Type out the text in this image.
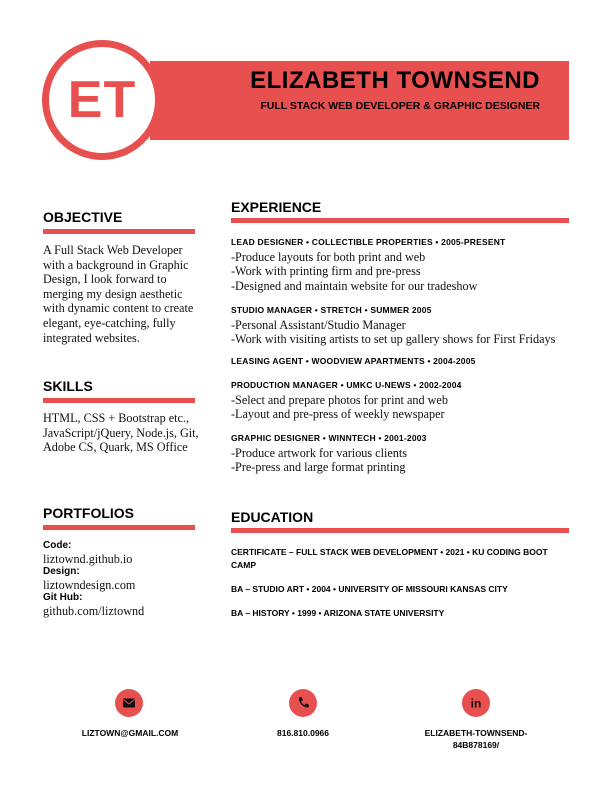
ET	ELIZABETH TOWNSEND
FULL STACK WEB DEVELOPER & GRAPHIC DESIGNER
OBJECTIVE
A Full Stack Web Developer with a background in Graphic Design, I look forward to merging my design aesthetic with dynamic content to create elegant, eye-catching, fully integrated websites.
SKILLS
HTML, CSS + Bootstrap etc., JavaScript/jQuery, Node.js, Git, Adobe CS, Quark, MS Office
PORTFOLIOS
Code:
liztownd.github.io
Design:
liztowndesign.com
Git Hub:
github.com/liztownd
EXPERIENCE
LEAD DESIGNER • COLLECTIBLE PROPERTIES • 2005-PRESENT
-Produce layouts for both print and web
-Work with printing firm and pre-press
-Designed and maintain website for our tradeshow
STUDIO MANAGER • STRETCH • SUMMER 2005
-Personal Assistant/Studio Manager
-Work with visiting artists to set up gallery shows for First Fridays
LEASING AGENT • WOODVIEW APARTMENTS • 2004-2005
PRODUCTION MANAGER • UMKC U-NEWS • 2002-2004
-Select and prepare photos for print and web
-Layout and pre-press of weekly newspaper
GRAPHIC DESIGNER • WINNTECH • 2001-2003
-Produce artwork for various clients
-Pre-press and large format printing
EDUCATION
CERTIFICATE – FULL STACK WEB DEVELOPMENT • 2021 • KU CODING BOOT CAMP
BA – STUDIO ART • 2004 • UNIVERSITY OF MISSOURI KANSAS CITY
BA – HISTORY • 1999 • ARIZONA STATE UNIVERSITY
LIZTOWN@GMAIL.COM	816.810.0966
in
ELIZABETH-TOWNSEND-
84B878169/
